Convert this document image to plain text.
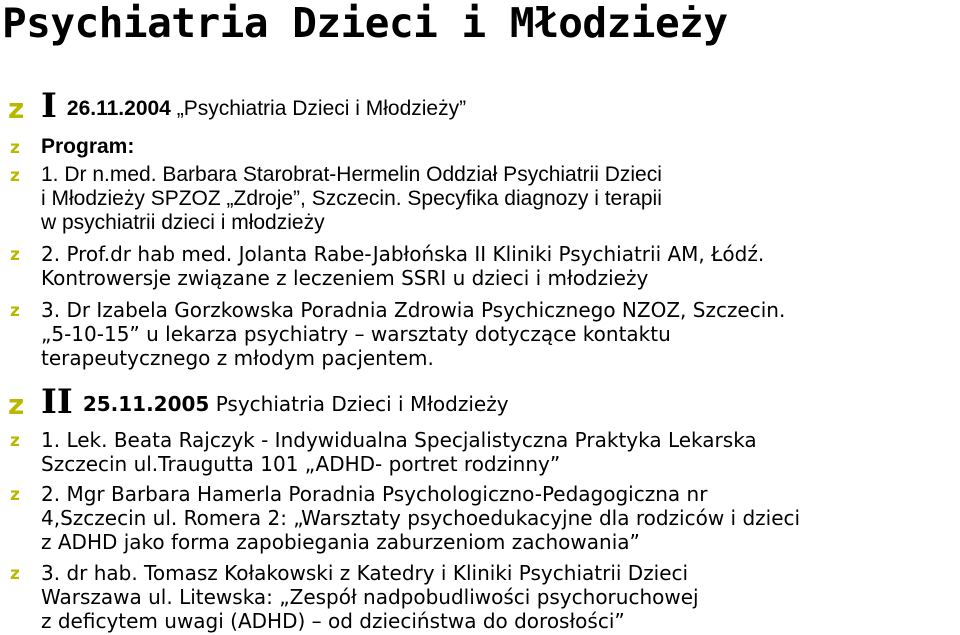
Psychiatria Dzieci i Młodzieży
z I 26.11.2004 „Psychiatria Dzieci i Młodzieży”
z Program:
z 1. Dr n.med. Barbara Starobrat-Hermelin Oddział Psychiatrii Dzieci
i Młodzieży SPZOZ „Zdroje”, Szczecin. Specyfika diagnozy i terapii
w psychiatrii dzieci i młodzieży
z 2. Prof.dr hab med. Jolanta Rabe-Jabłońska II Kliniki Psychiatrii AM, Łódź.
Kontrowersje związane z leczeniem SSRI u dzieci i młodzieży
z 3. Dr Izabela Gorzkowska Poradnia Zdrowia Psychicznego NZOZ, Szczecin.
„5-10-15” u lekarza psychiatry – warsztaty dotyczące kontaktu
terapeutycznego z młodym pacjentem.
z II 25.11.2005 Psychiatria Dzieci i Młodzieży
z 1. Lek. Beata Rajczyk - Indywidualna Specjalistyczna Praktyka Lekarska
Szczecin ul.Traugutta 101 „ADHD- portret rodzinny”
z 2. Mgr Barbara Hamerla Poradnia Psychologiczno-Pedagogiczna nr
4,Szczecin ul. Romera 2: „Warsztaty psychoedukacyjne dla rodziców i dzieci
z ADHD jako forma zapobiegania zaburzeniom zachowania”
z 3. dr hab. Tomasz Kołakowski z Katedry i Kliniki Psychiatrii Dzieci
Warszawa ul. Litewska: „Zespół nadpobudliwości psychoruchowej
z deficytem uwagi (ADHD) – od dzieciństwa do dorosłości”
